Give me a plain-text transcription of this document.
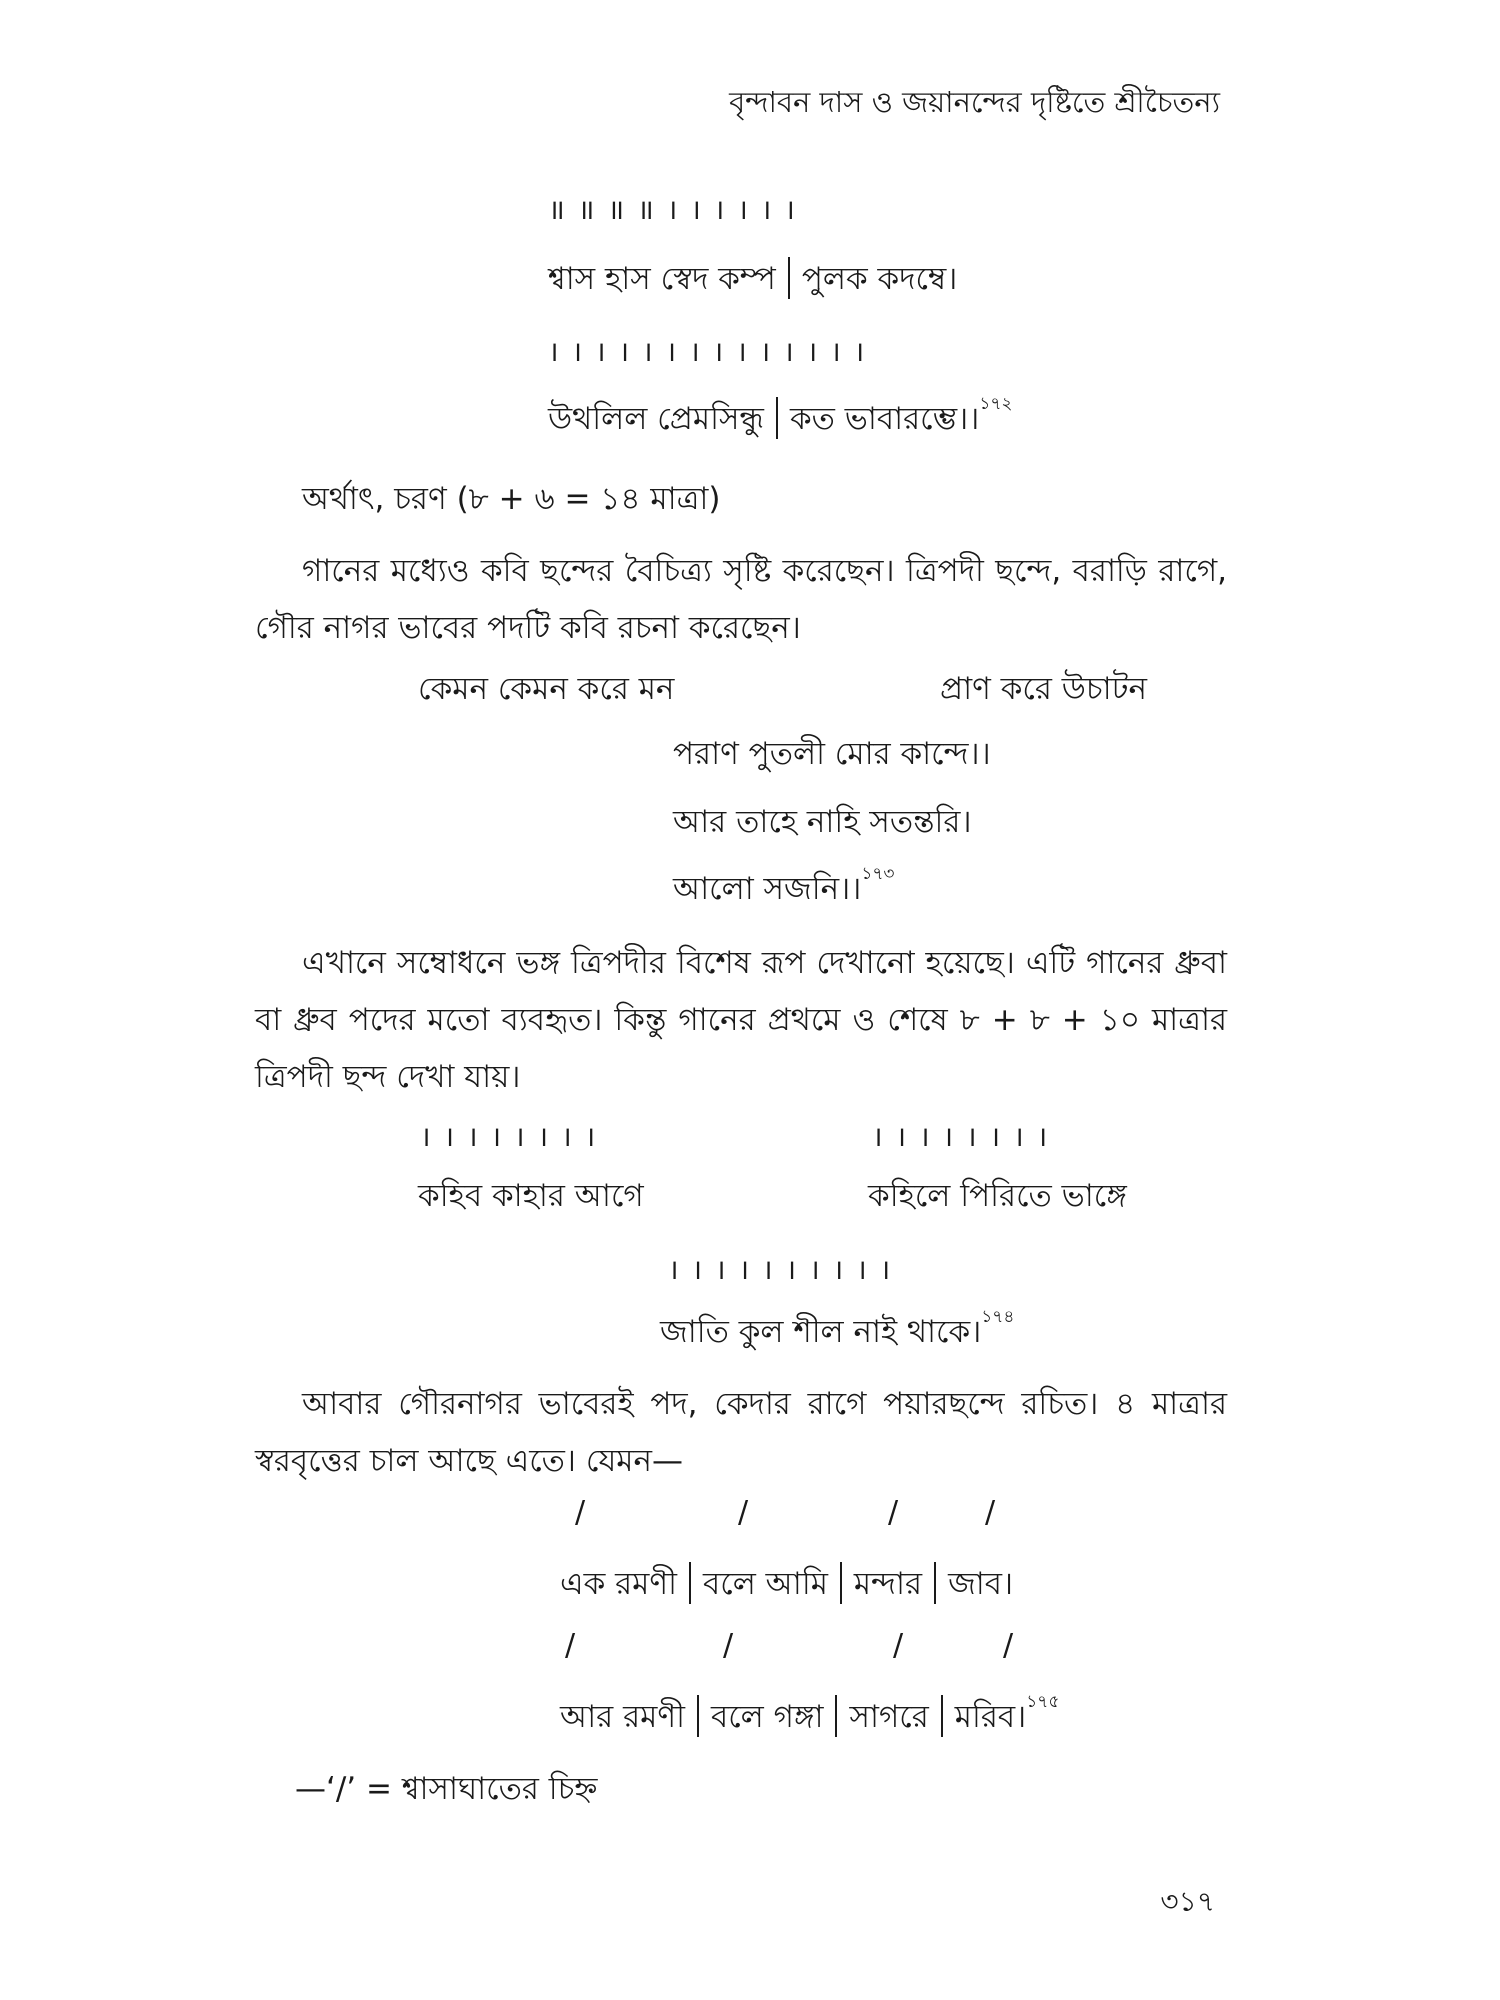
বৃন্দাবন দাস ও জয়ানন্দের দৃষ্টিতে শ্রীচৈতন্য
॥ ॥ ॥ ॥ । । । । । ।
শ্বাস হাস স্বেদ কম্প পুলক কদম্বে।
। । । । । । । । । । । । । ।
উথলিল প্রেমসিন্ধু কত ভাবারম্ভে।।$^{১৭২}$
অর্থাৎ, চরণ (৮ + ৬ = ১৪ মাত্রা)

গানের মধ্যেও কবি ছন্দের বৈচিত্র্য সৃষ্টি করেছেন। ত্রিপদী ছন্দে, বরাড়ি রাগে, গৌর নাগর ভাবের পদটি কবি রচনা করেছেন।

কেমন কেমন করে মন	প্রাণ করে উচাটন
পরাণ পুতলী মোর কান্দে।।
আর তাহে নাহি সতন্তরি।
আলো সজনি।।$^{১৭৩}$

এখানে সম্বোধনে ভঙ্গ ত্রিপদীর বিশেষ রূপ দেখানো হয়েছে। এটি গানের ধ্রুবা বা ধ্রুব পদের মতো ব্যবহৃত। কিন্তু গানের প্রথমে ও শেষে ৮ + ৮ + ১০ মাত্রার ত্রিপদী ছন্দ দেখা যায়।

। । । । । । । ।	। । । । । । । ।
কহিব কাহার আগে	কহিলে পিরিতে ভাঙ্গে
। । । । । । । । । ।
জাতি কুল শীল নাই থাকে।$^{১৭৪}$

আবার গৌরনাগর ভাবেরই পদ, কেদার রাগে পয়ারছন্দে রচিত। ৪ মাত্রার স্বরবৃত্তের চাল আছে এতে। যেমন—

/	/	/	/
এক রমণী বলে আমি মন্দার জাব।
/	/	/	/
আর রমণী বলে গঙ্গা সাগরে মরিব।$^{১৭৫}$
—‘/’ = শ্বাসাঘাতের চিহ্ন
৩১৭
